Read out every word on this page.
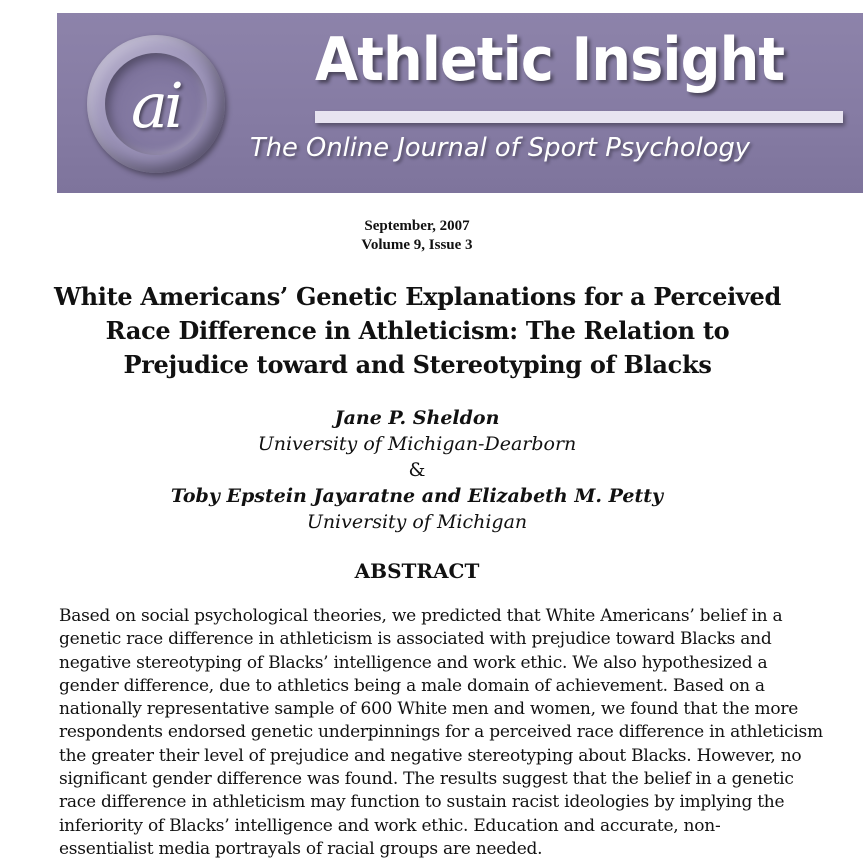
ai
Athletic Insight
The Online Journal of Sport Psychology
September, 2007
Volume 9, Issue 3
White Americans’ Genetic Explanations for a Perceived
Race Difference in Athleticism: The Relation to
Prejudice toward and Stereotyping of Blacks
Jane P. Sheldon
University of Michigan-Dearborn
&
Toby Epstein Jayaratne and Elizabeth M. Petty
University of Michigan
ABSTRACT
Based on social psychological theories, we predicted that White Americans’ belief in a
genetic race difference in athleticism is associated with prejudice toward Blacks and
negative stereotyping of Blacks’ intelligence and work ethic. We also hypothesized a
gender difference, due to athletics being a male domain of achievement. Based on a
nationally representative sample of 600 White men and women, we found that the more
respondents endorsed genetic underpinnings for a perceived race difference in athleticism
the greater their level of prejudice and negative stereotyping about Blacks. However, no
significant gender difference was found. The results suggest that the belief in a genetic
race difference in athleticism may function to sustain racist ideologies by implying the
inferiority of Blacks’ intelligence and work ethic. Education and accurate, non-
essentialist media portrayals of racial groups are needed.
